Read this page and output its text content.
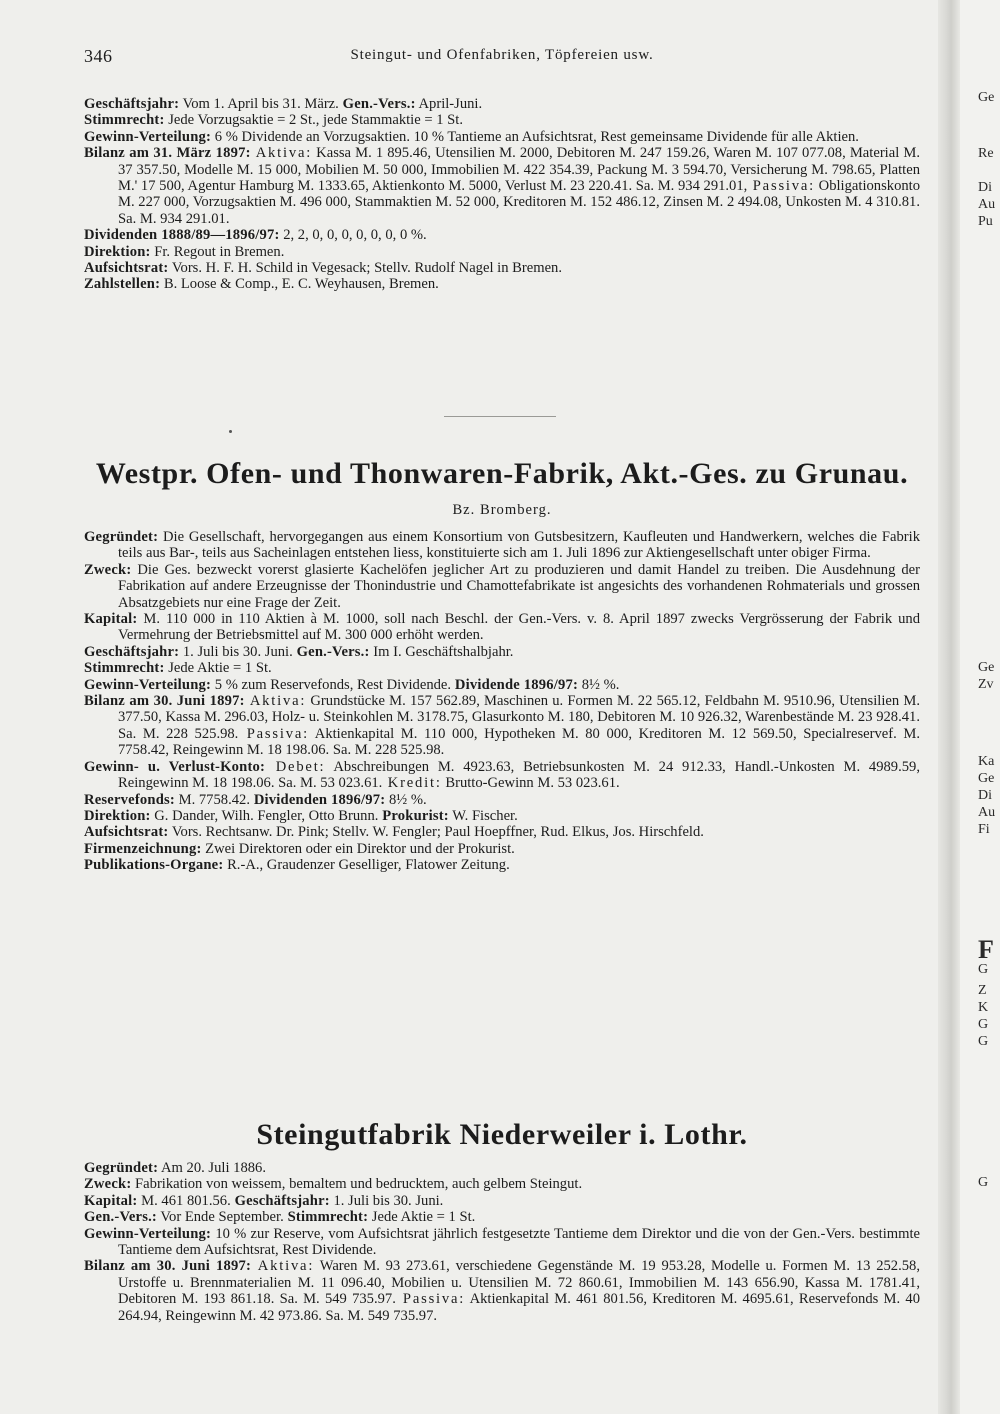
346	Steingut- und Ofenfabriken, Töpfereien usw.

Geschäftsjahr: Vom 1. April bis 31. März. Gen.-Vers.: April-Juni.

Stimmrecht: Jede Vorzugsaktie = 2 St., jede Stammaktie = 1 St.

Gewinn-Verteilung: 6 % Dividende an Vorzugsaktien. 10 % Tantieme an Aufsichtsrat, Rest gemeinsame Dividende für alle Aktien.

Bilanz am 31. März 1897: Aktiva: Kassa M. 1 895.46, Utensilien M. 2000, Debitoren M. 247 159.26, Waren M. 107 077.08, Material M. 37 357.50, Modelle M. 15 000, Mobilien M. 50 000, Immobilien M. 422 354.39, Packung M. 3 594.70, Versicherung M. 798.65, Platten M.' 17 500, Agentur Hamburg M. 1333.65, Aktienkonto M. 5000, Verlust M. 23 220.41. Sa. M. 934 291.01, Passiva: Obligationskonto M. 227 000, Vorzugsaktien M. 496 000, Stammaktien M. 52 000, Kreditoren M. 152 486.12, Zinsen M. 2 494.08, Unkosten M. 4 310.81. Sa. M. 934 291.01.

Dividenden 1888/89—1896/97: 2, 2, 0, 0, 0, 0, 0, 0, 0 %.

Direktion: Fr. Regout in Bremen.

Aufsichtsrat: Vors. H. F. H. Schild in Vegesack; Stellv. Rudolf Nagel in Bremen.

Zahlstellen: B. Loose & Comp., E. C. Weyhausen, Bremen.

Westpr. Ofen- und Thonwaren-Fabrik, Akt.-Ges. zu Grunau.
Bz. Bromberg.

Gegründet: Die Gesellschaft, hervorgegangen aus einem Konsortium von Gutsbesitzern, Kaufleuten und Handwerkern, welches die Fabrik teils aus Bar-, teils aus Sacheinlagen entstehen liess, konstituierte sich am 1. Juli 1896 zur Aktiengesellschaft unter obiger Firma.

Zweck: Die Ges. bezweckt vorerst glasierte Kachelöfen jeglicher Art zu produzieren und damit Handel zu treiben. Die Ausdehnung der Fabrikation auf andere Erzeugnisse der Thonindustrie und Chamottefabrikate ist angesichts des vorhandenen Rohmaterials und grossen Absatzgebiets nur eine Frage der Zeit.

Kapital: M. 110 000 in 110 Aktien à M. 1000, soll nach Beschl. der Gen.-Vers. v. 8. April 1897 zwecks Vergrösserung der Fabrik und Vermehrung der Betriebsmittel auf M. 300 000 erhöht werden.

Geschäftsjahr: 1. Juli bis 30. Juni. Gen.-Vers.: Im I. Geschäftshalbjahr.

Stimmrecht: Jede Aktie = 1 St.

Gewinn-Verteilung: 5 % zum Reservefonds, Rest Dividende. Dividende 1896/97: 8½ %.

Bilanz am 30. Juni 1897: Aktiva: Grundstücke M. 157 562.89, Maschinen u. Formen M. 22 565.12, Feldbahn M. 9510.96, Utensilien M. 377.50, Kassa M. 296.03, Holz- u. Steinkohlen M. 3178.75, Glasurkonto M. 180, Debitoren M. 10 926.32, Warenbestände M. 23 928.41. Sa. M. 228 525.98. Passiva: Aktienkapital M. 110 000, Hypotheken M. 80 000, Kreditoren M. 12 569.50, Specialreservef. M. 7758.42, Reingewinn M. 18 198.06. Sa. M. 228 525.98.

Gewinn- u. Verlust-Konto: Debet: Abschreibungen M. 4923.63, Betriebsunkosten M. 24 912.33, Handl.-Unkosten M. 4989.59, Reingewinn M. 18 198.06. Sa. M. 53 023.61. Kredit: Brutto-Gewinn M. 53 023.61.

Reservefonds: M. 7758.42. Dividenden 1896/97: 8½ %.

Direktion: G. Dander, Wilh. Fengler, Otto Brunn. Prokurist: W. Fischer.

Aufsichtsrat: Vors. Rechtsanw. Dr. Pink; Stellv. W. Fengler; Paul Hoepffner, Rud. Elkus, Jos. Hirschfeld.

Firmenzeichnung: Zwei Direktoren oder ein Direktor und der Prokurist.

Publikations-Organe: R.-A., Graudenzer Geselliger, Flatower Zeitung.

Steingutfabrik Niederweiler i. Lothr.

Gegründet: Am 20. Juli 1886.

Zweck: Fabrikation von weissem, bemaltem und bedrucktem, auch gelbem Steingut.

Kapital: M. 461 801.56. Geschäftsjahr: 1. Juli bis 30. Juni.

Gen.-Vers.: Vor Ende September. Stimmrecht: Jede Aktie = 1 St.

Gewinn-Verteilung: 10 % zur Reserve, vom Aufsichtsrat jährlich festgesetzte Tantieme dem Direktor und die von der Gen.-Vers. bestimmte Tantieme dem Aufsichtsrat, Rest Dividende.

Bilanz am 30. Juni 1897: Aktiva: Waren M. 93 273.61, verschiedene Gegenstände M. 19 953.28, Modelle u. Formen M. 13 252.58, Urstoffe u. Brennmaterialien M. 11 096.40, Mobilien u. Utensilien M. 72 860.61, Immobilien M. 143 656.90, Kassa M. 1781.41, Debitoren M. 193 861.18. Sa. M. 549 735.97. Passiva: Aktienkapital M. 461 801.56, Kreditoren M. 4695.61, Reservefonds M. 40 264.94, Reingewinn M. 42 973.86. Sa. M. 549 735.97.

Ge
Re
Di
Au
Pu
Ge
Zv
Ka
Ge
Di
Au
Fi
F
G
Z
K
G
G
G
